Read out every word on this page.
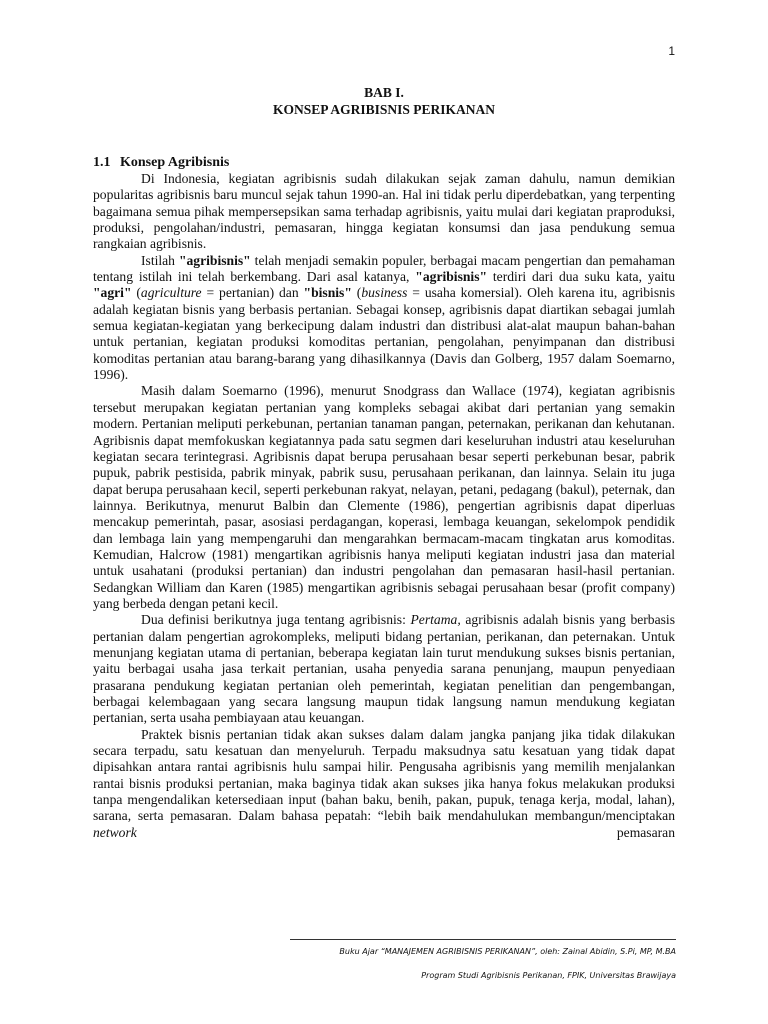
1
BAB I.
KONSEP AGRIBISNIS PERIKANAN
1.1 Konsep Agribisnis

Di Indonesia, kegiatan agribisnis sudah dilakukan sejak zaman dahulu, namun demikian popularitas agribisnis baru muncul sejak tahun 1990-an. Hal ini tidak perlu diperdebatkan, yang terpenting bagaimana semua pihak mempersepsikan sama terhadap agribisnis, yaitu mulai dari kegiatan praproduksi, produksi, pengolahan/industri, pemasaran, hingga kegiatan konsumsi dan jasa pendukung semua rangkaian agribisnis.

Istilah "agribisnis" telah menjadi semakin populer, berbagai macam pengertian dan pemahaman tentang istilah ini telah berkembang. Dari asal katanya, "agribisnis" terdiri dari dua suku kata, yaitu "agri" (agriculture = pertanian) dan "bisnis" (business = usaha komersial). Oleh karena itu, agribisnis adalah kegiatan bisnis yang berbasis pertanian. Sebagai konsep, agribisnis dapat diartikan sebagai jumlah semua kegiatan-kegiatan yang berkecipung dalam industri dan distribusi alat-alat maupun bahan-bahan untuk pertanian, kegiatan produksi komoditas pertanian, pengolahan, penyimpanan dan distribusi komoditas pertanian atau barang-barang yang dihasilkannya (Davis dan Golberg, 1957 dalam Soemarno, 1996).

Masih dalam Soemarno (1996), menurut Snodgrass dan Wallace (1974), kegiatan agribisnis tersebut merupakan kegiatan pertanian yang kompleks sebagai akibat dari pertanian yang semakin modern. Pertanian meliputi perkebunan, pertanian tanaman pangan, peternakan, perikanan dan kehutanan. Agribisnis dapat memfokuskan kegiatannya pada satu segmen dari keseluruhan industri atau keseluruhan kegiatan secara terintegrasi. Agribisnis dapat berupa perusahaan besar seperti perkebunan besar, pabrik pupuk, pabrik pestisida, pabrik minyak, pabrik susu, perusahaan perikanan, dan lainnya. Selain itu juga dapat berupa perusahaan kecil, seperti perkebunan rakyat, nelayan, petani, pedagang (bakul), peternak, dan lainnya. Berikutnya, menurut Balbin dan Clemente (1986), pengertian agribisnis dapat diperluas mencakup pemerintah, pasar, asosiasi perdagangan, koperasi, lembaga keuangan, sekelompok pendidik dan lembaga lain yang mempengaruhi dan mengarahkan bermacam-macam tingkatan arus komoditas. Kemudian, Halcrow (1981) mengartikan agribisnis hanya meliputi kegiatan industri jasa dan material untuk usahatani (produksi pertanian) dan industri pengolahan dan pemasaran hasil-hasil pertanian. Sedangkan William dan Karen (1985) mengartikan agribisnis sebagai perusahaan besar (profit company) yang berbeda dengan petani kecil.

Dua definisi berikutnya juga tentang agribisnis: Pertama, agribisnis adalah bisnis yang berbasis pertanian dalam pengertian agrokompleks, meliputi bidang pertanian, perikanan, dan peternakan. Untuk menunjang kegiatan utama di pertanian, beberapa kegiatan lain turut mendukung sukses bisnis pertanian, yaitu berbagai usaha jasa terkait pertanian, usaha penyedia sarana penunjang, maupun penyediaan prasarana pendukung kegiatan pertanian oleh pemerintah, kegiatan penelitian dan pengembangan, berbagai kelembagaan yang secara langsung maupun tidak langsung namun mendukung kegiatan pertanian, serta usaha pembiayaan atau keuangan.

Praktek bisnis pertanian tidak akan sukses dalam dalam jangka panjang jika tidak dilakukan secara terpadu, satu kesatuan dan menyeluruh. Terpadu maksudnya satu kesatuan yang tidak dapat dipisahkan antara rantai agribisnis hulu sampai hilir. Pengusaha agribisnis yang memilih menjalankan rantai bisnis produksi pertanian, maka baginya tidak akan sukses jika hanya fokus melakukan produksi tanpa mengendalikan ketersediaan input (bahan baku, benih, pakan, pupuk, tenaga kerja, modal, lahan), sarana, serta pemasaran. Dalam bahasa pepatah: “lebih baik mendahulukan membangun/menciptakan network pemasaran

Buku Ajar “MANAJEMEN AGRIBISNIS PERIKANAN”, oleh: Zainal Abidin, S.Pi, MP, M.BA
Program Studi Agribisnis Perikanan, FPIK, Universitas Brawijaya
